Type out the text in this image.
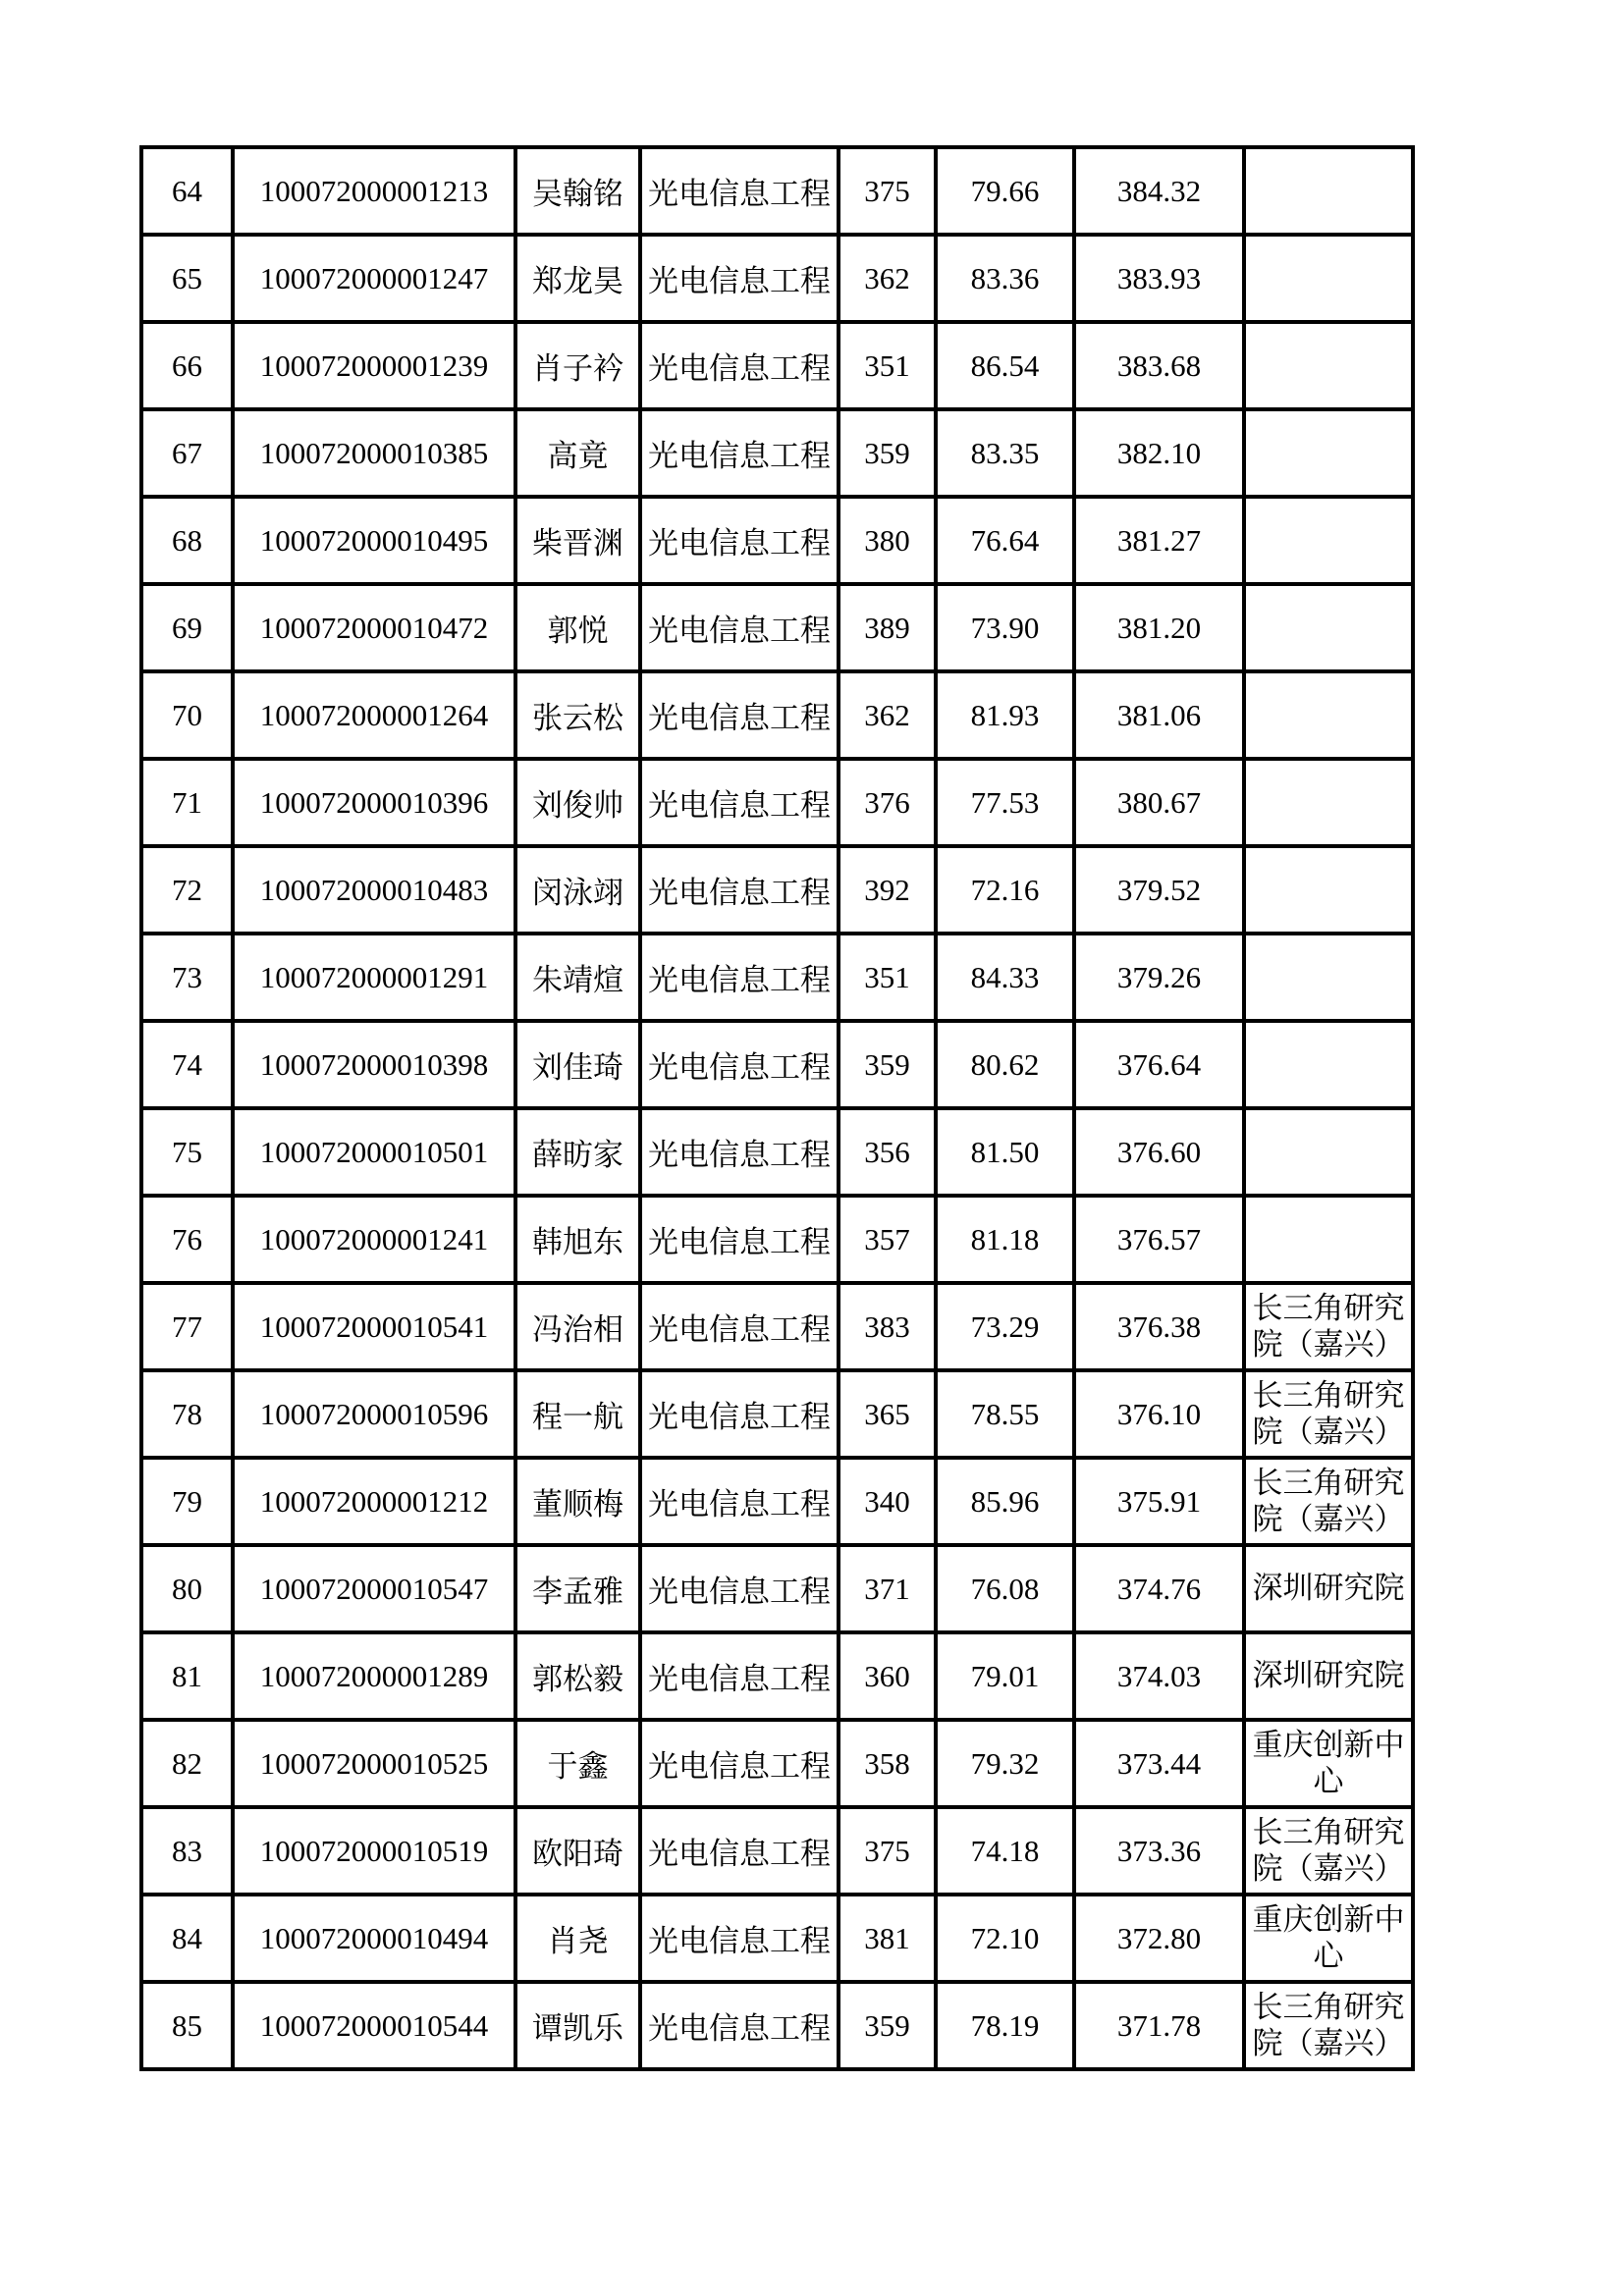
64	100072000001213	吴翰铭	光电信息工程	375	79.66	384.32	
65	100072000001247	郑龙昊	光电信息工程	362	83.36	383.93	
66	100072000001239	肖子衿	光电信息工程	351	86.54	383.68	
67	100072000010385	高竟	光电信息工程	359	83.35	382.10	
68	100072000010495	柴晋渊	光电信息工程	380	76.64	381.27	
69	100072000010472	郭悦	光电信息工程	389	73.90	381.20	
70	100072000001264	张云松	光电信息工程	362	81.93	381.06	
71	100072000010396	刘俊帅	光电信息工程	376	77.53	380.67	
72	100072000010483	闵泳翊	光电信息工程	392	72.16	379.52	
73	100072000001291	朱靖煊	光电信息工程	351	84.33	379.26	
74	100072000010398	刘佳琦	光电信息工程	359	80.62	376.64	
75	100072000010501	薛昉家	光电信息工程	356	81.50	376.60	
76	100072000001241	韩旭东	光电信息工程	357	81.18	376.57	
77	100072000010541	冯治相	光电信息工程	383	73.29	376.38	长三角研究院（嘉兴）
78	100072000010596	程一航	光电信息工程	365	78.55	376.10	长三角研究院（嘉兴）
79	100072000001212	董顺梅	光电信息工程	340	85.96	375.91	长三角研究院（嘉兴）
80	100072000010547	李孟雅	光电信息工程	371	76.08	374.76	深圳研究院
81	100072000001289	郭松毅	光电信息工程	360	79.01	374.03	深圳研究院
82	100072000010525	于鑫	光电信息工程	358	79.32	373.44	重庆创新中心
83	100072000010519	欧阳琦	光电信息工程	375	74.18	373.36	长三角研究院（嘉兴）
84	100072000010494	肖尧	光电信息工程	381	72.10	372.80	重庆创新中心
85	100072000010544	谭凯乐	光电信息工程	359	78.19	371.78	长三角研究院（嘉兴）
